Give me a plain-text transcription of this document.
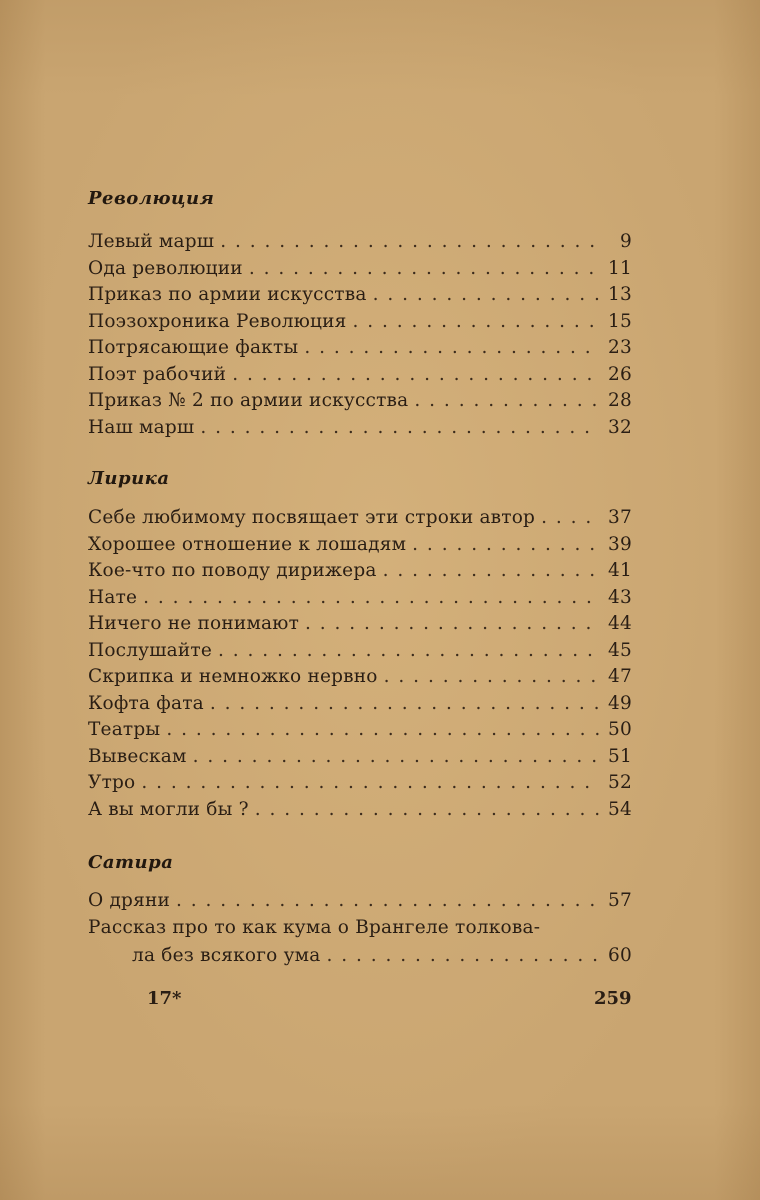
Революция
Левый марш . . .	9
Ода революции . . .	11
Приказ по армии искусства . . .	13
Поэзохроника Революция . . .	15
Потрясающие факты . . .	23
Поэт рабочий . . .	26
Приказ № 2 по армии искусства . . .	28
Наш марш . . .	32
Лирика
Себе любимому посвящает эти строки автор . . .	37
Хорошее отношение к лошадям . . .	39
Кое-что по поводу дирижера . . .	41
Нате . . .	43
Ничего не понимают . . .	44
Послушайте . . .	45
Скрипка и немножко нервно . . .	47
Кофта фата . . .	49
Театры . . .	50
Вывескам . . .	51
Утро . . .	52
А вы могли бы ? . . .	54
Сатира
О дряни . . .	57
Рассказ про то как кума о Врангеле толкова-
ла без всякого ума . . .	60
17*	259
